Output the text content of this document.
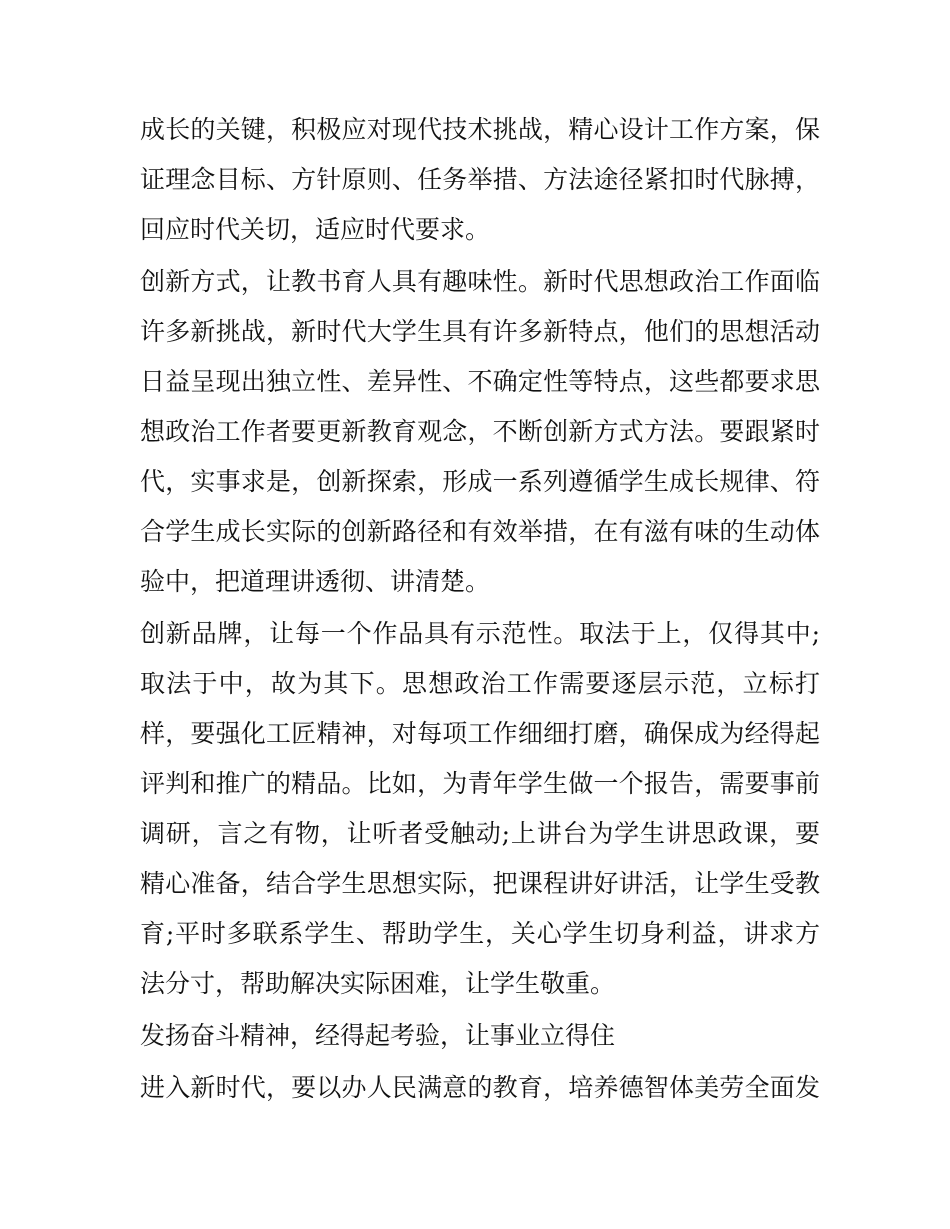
成长的关键，积极应对现代技术挑战，精心设计工作方案，保

证理念目标、方针原则、任务举措、方法途径紧扣时代脉搏，

回应时代关切，适应时代要求。

创新方式，让教书育人具有趣味性。新时代思想政治工作面临

许多新挑战，新时代大学生具有许多新特点，他们的思想活动

日益呈现出独立性、差异性、不确定性等特点，这些都要求思

想政治工作者要更新教育观念，不断创新方式方法。要跟紧时

代，实事求是，创新探索，形成一系列遵循学生成长规律、符

合学生成长实际的创新路径和有效举措，在有滋有味的生动体

验中，把道理讲透彻、讲清楚。

创新品牌，让每一个作品具有示范性。取法于上，仅得其中;

取法于中，故为其下。思想政治工作需要逐层示范，立标打

样，要强化工匠精神，对每项工作细细打磨，确保成为经得起

评判和推广的精品。比如，为青年学生做一个报告，需要事前

调研，言之有物，让听者受触动;上讲台为学生讲思政课，要

精心准备，结合学生思想实际，把课程讲好讲活，让学生受教

育;平时多联系学生、帮助学生，关心学生切身利益，讲求方

法分寸，帮助解决实际困难，让学生敬重。

发扬奋斗精神，经得起考验，让事业立得住

进入新时代，要以办人民满意的教育，培养德智体美劳全面发
